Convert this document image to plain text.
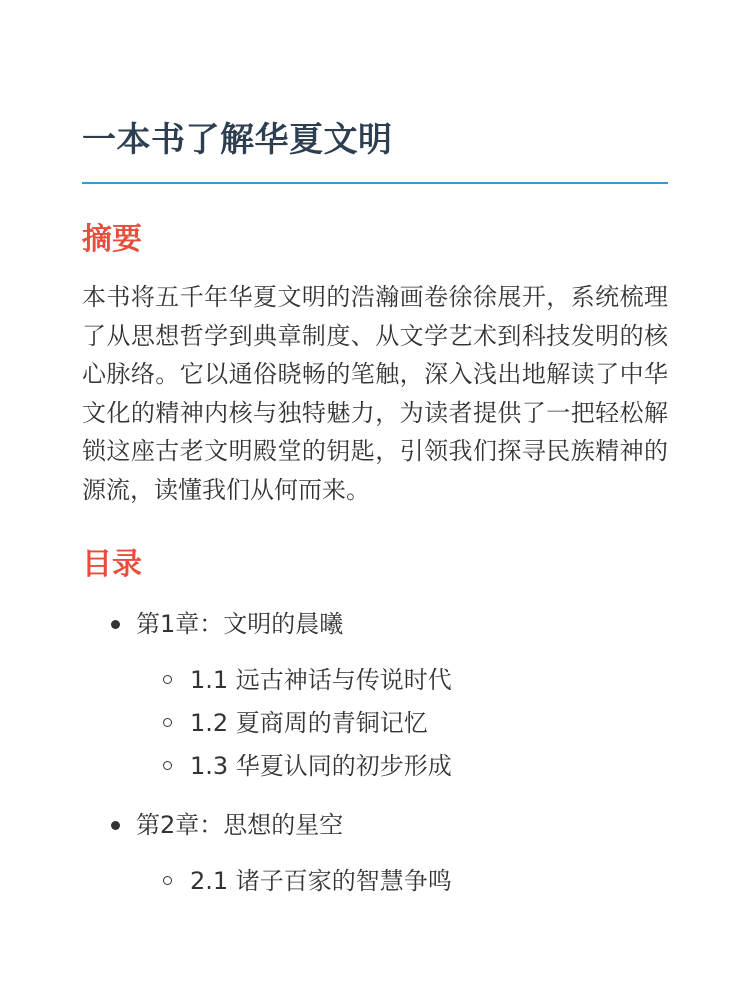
一本书了解华夏文明
摘要

本书将五千年华夏文明的浩瀚画卷徐徐展开，系统梳理了从思想哲学到典章制度、从文学艺术到科技发明的核心脉络。它以通俗晓畅的笔触，深入浅出地解读了中华文化的精神内核与独特魅力，为读者提供了一把轻松解锁这座古老文明殿堂的钥匙，引领我们探寻民族精神的源流，读懂我们从何而来。

目录
第1章：文明的晨曦
1.1 远古神话与传说时代
1.2 夏商周的青铜记忆
1.3 华夏认同的初步形成
第2章：思想的星空
2.1 诸子百家的智慧争鸣
